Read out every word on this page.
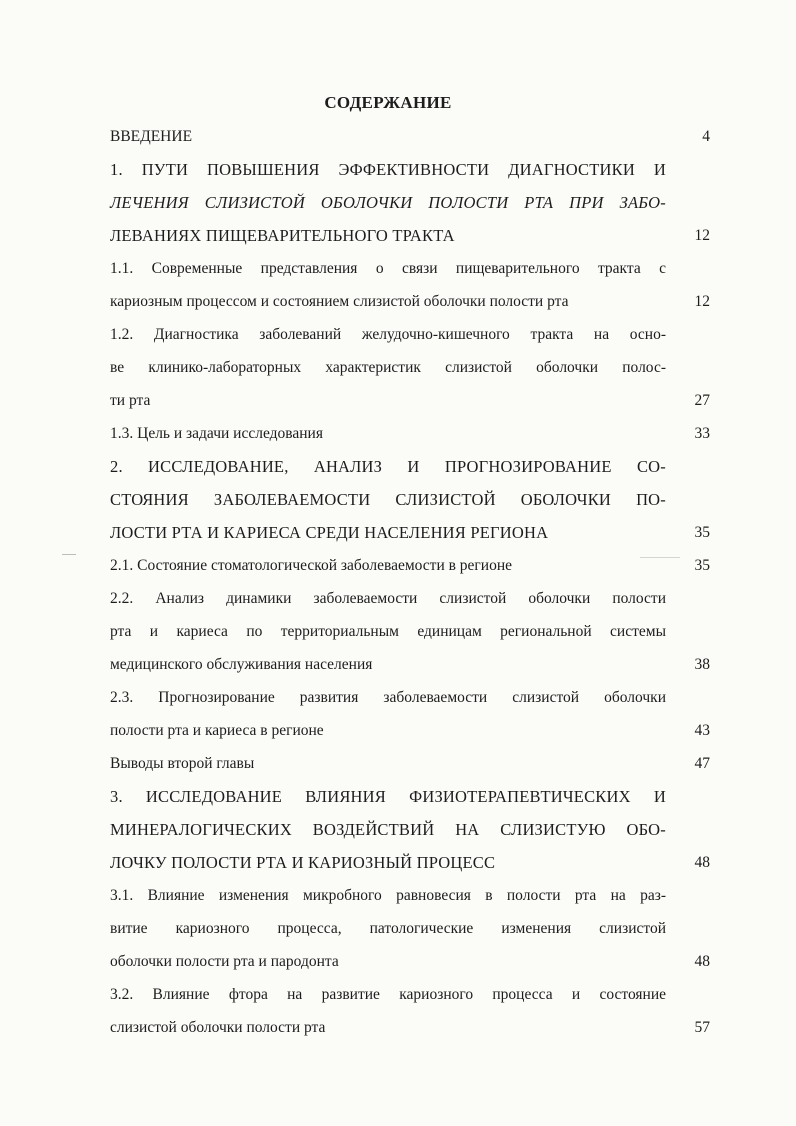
СОДЕРЖАНИЕ
ВВЕДЕНИЕ	4
1. ПУТИ ПОВЫШЕНИЯ ЭФФЕКТИВНОСТИ ДИАГНОСТИКИ И
ЛЕЧЕНИЯ СЛИЗИСТОЙ ОБОЛОЧКИ ПОЛОСТИ РТА ПРИ ЗАБО-
ЛЕВАНИЯХ ПИЩЕВАРИТЕЛЬНОГО ТРАКТА	12
1.1. Современные представления о связи пищеварительного тракта с
кариозным процессом и состоянием слизистой оболочки полости рта	12
1.2. Диагностика заболеваний желудочно-кишечного тракта на осно-
ве клинико-лабораторных характеристик слизистой оболочки полос-
ти рта	27
1.3. Цель и задачи исследования	33
2. ИССЛЕДОВАНИЕ, АНАЛИЗ И ПРОГНОЗИРОВАНИЕ СО-
СТОЯНИЯ ЗАБОЛЕВАЕМОСТИ СЛИЗИСТОЙ ОБОЛОЧКИ ПО-
ЛОСТИ РТА И КАРИЕСА СРЕДИ НАСЕЛЕНИЯ РЕГИОНА	35
2.1. Состояние стоматологической заболеваемости в регионе	35
2.2. Анализ динамики заболеваемости слизистой оболочки полости
рта и кариеса по территориальным единицам региональной системы
медицинского обслуживания населения	38
2.3. Прогнозирование развития заболеваемости слизистой оболочки
полости рта и кариеса в регионе	43
Выводы второй главы	47
3. ИССЛЕДОВАНИЕ ВЛИЯНИЯ ФИЗИОТЕРАПЕВТИЧЕСКИХ И
МИНЕРАЛОГИЧЕСКИХ ВОЗДЕЙСТВИЙ НА СЛИЗИСТУЮ ОБО-
ЛОЧКУ ПОЛОСТИ РТА И КАРИОЗНЫЙ ПРОЦЕСС	48
3.1. Влияние изменения микробного равновесия в полости рта на раз-
витие кариозного процесса, патологические изменения слизистой
оболочки полости рта и пародонта	48
3.2. Влияние фтора на развитие кариозного процесса и состояние
слизистой оболочки полости рта	57
